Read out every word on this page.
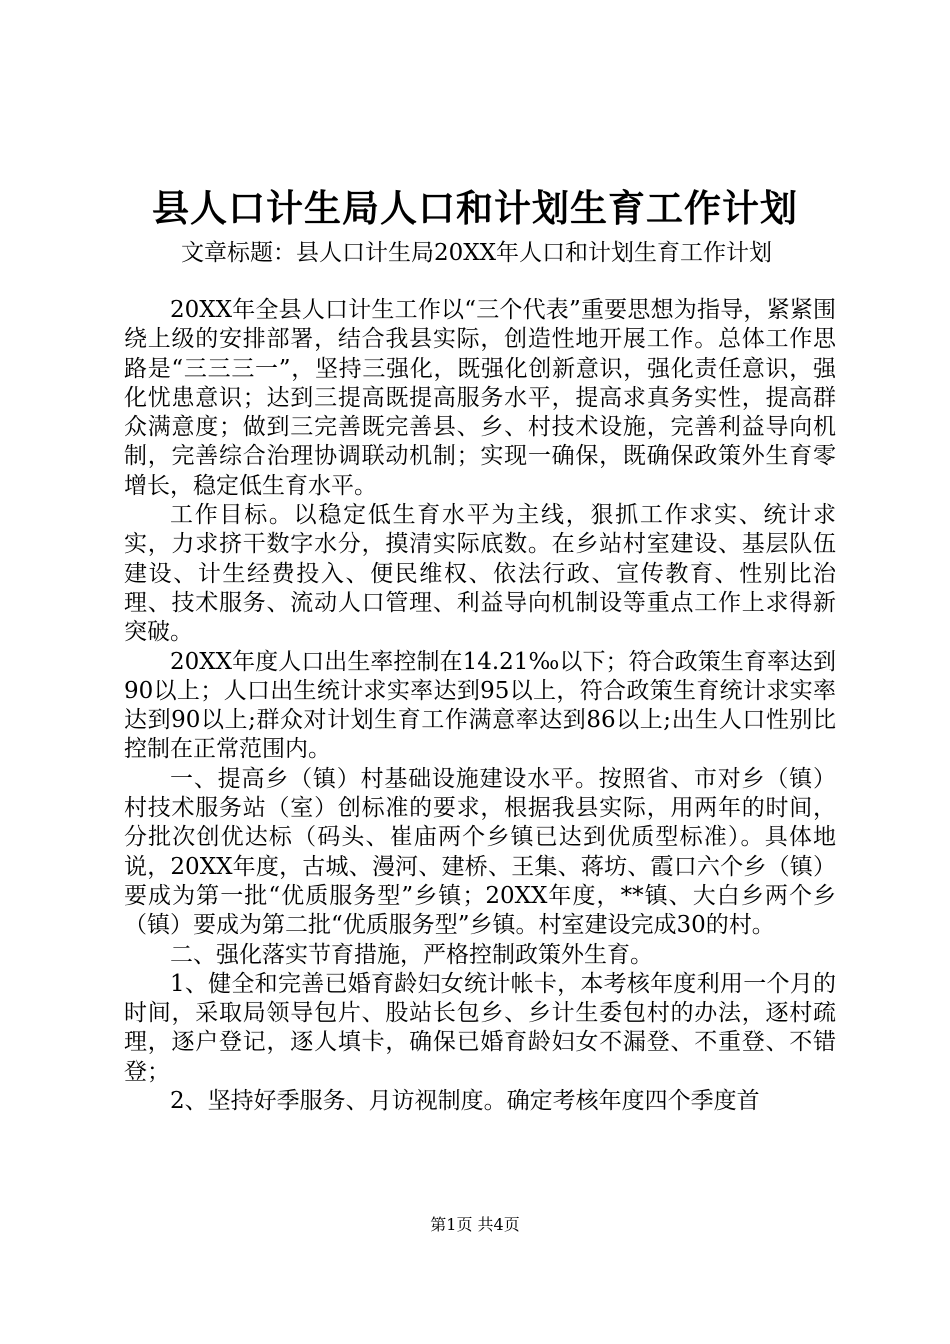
县人口计生局人口和计划生育工作计划

文章标题：县人口计生局20XX年人口和计划生育工作计划

20XX年全县人口计生工作以“三个代表”重要思想为指导，紧紧围绕上级的安排部署，结合我县实际，创造性地开展工作。总体工作思路是“三三三一”，坚持三强化，既强化创新意识，强化责任意识，强化忧患意识；达到三提高既提高服务水平，提高求真务实性，提高群众满意度；做到三完善既完善县、乡、村技术设施，完善利益导向机制，完善综合治理协调联动机制；实现一确保，既确保政策外生育零增长，稳定低生育水平。

工作目标。以稳定低生育水平为主线，狠抓工作求实、统计求实，力求挤干数字水分，摸清实际底数。在乡站村室建设、基层队伍建设、计生经费投入、便民维权、依法行政、宣传教育、性别比治理、技术服务、流动人口管理、利益导向机制设等重点工作上求得新突破。

20XX年度人口出生率控制在14.21‰以下；符合政策生育率达到90以上；人口出生统计求实率达到95以上，符合政策生育统计求实率达到90以上;群众对计划生育工作满意率达到86以上;出生人口性别比控制在正常范围内。

一、提高乡（镇）村基础设施建设水平。按照省、市对乡（镇）村技术服务站（室）创标准的要求，根据我县实际，用两年的时间，分批次创优达标（码头、崔庙两个乡镇已达到优质型标准）。具体地说，20XX年度，古城、漫河、建桥、王集、蒋坊、霞口六个乡（镇）要成为第一批“优质服务型”乡镇；20XX年度，**镇、大白乡两个乡（镇）要成为第二批“优质服务型”乡镇。村室建设完成30的村。

二、强化落实节育措施，严格控制政策外生育。

1、健全和完善已婚育龄妇女统计帐卡，本考核年度利用一个月的时间，采取局领导包片、股站长包乡、乡计生委包村的办法，逐村疏理，逐户登记，逐人填卡，确保已婚育龄妇女不漏登、不重登、不错登；

2、坚持好季服务、月访视制度。确定考核年度四个季度首

第1页 共4页
